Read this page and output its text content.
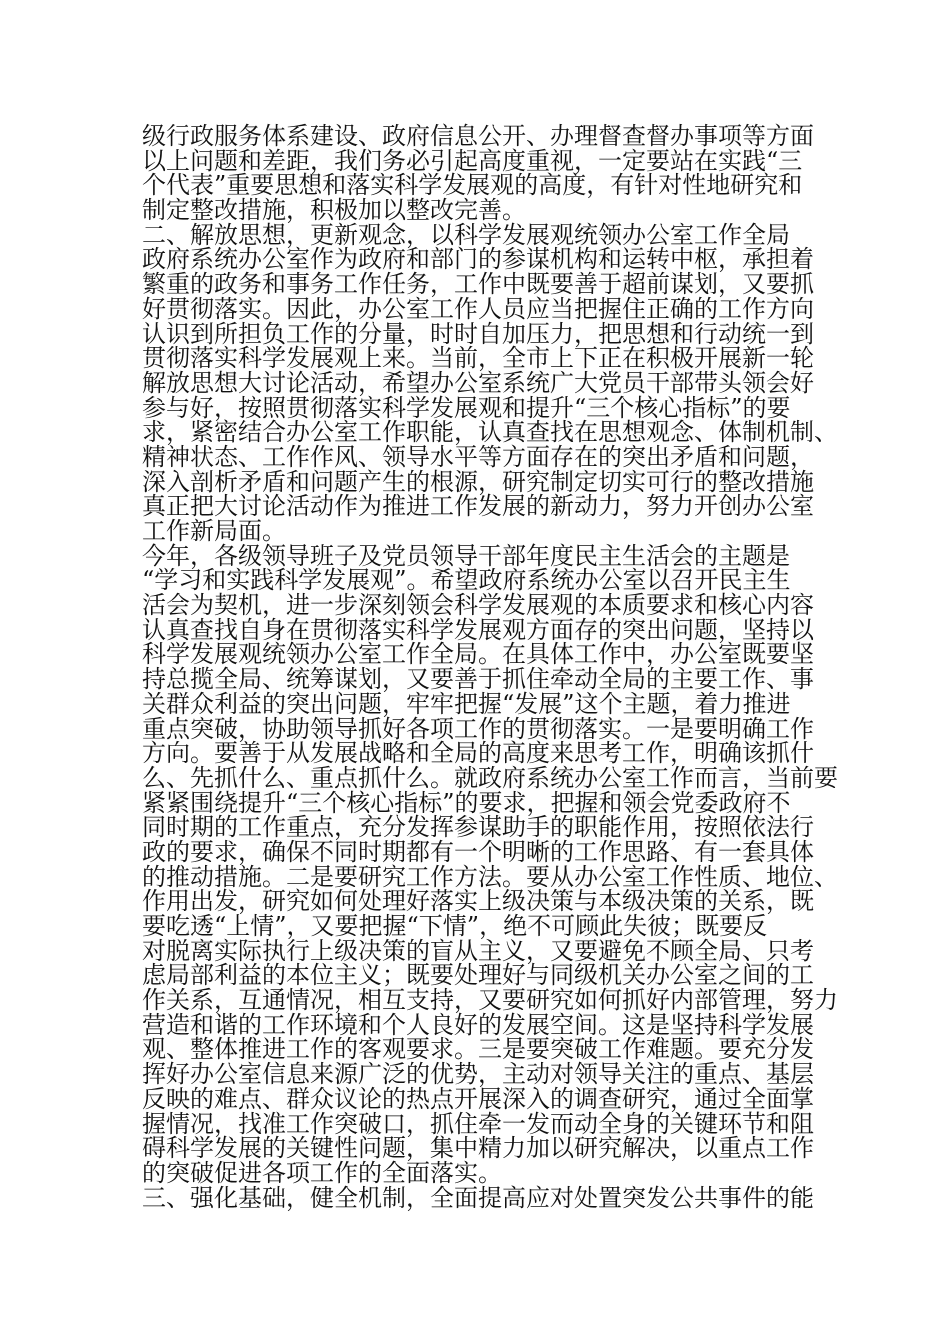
级行政服务体系建设、政府信息公开、办理督查督办事项等方面
以上问题和差距，我们务必引起高度重视，一定要站在实践“三
个代表”重要思想和落实科学发展观的高度，有针对性地研究和
制定整改措施，积极加以整改完善。
二、解放思想，更新观念，以科学发展观统领办公室工作全局
政府系统办公室作为政府和部门的参谋机构和运转中枢，承担着
繁重的政务和事务工作任务，工作中既要善于超前谋划，又要抓
好贯彻落实。因此，办公室工作人员应当把握住正确的工作方向
认识到所担负工作的分量，时时自加压力，把思想和行动统一到
贯彻落实科学发展观上来。当前，全市上下正在积极开展新一轮
解放思想大讨论活动，希望办公室系统广大党员干部带头领会好
参与好，按照贯彻落实科学发展观和提升“三个核心指标”的要
求，紧密结合办公室工作职能，认真查找在思想观念、体制机制、
精神状态、工作作风、领导水平等方面存在的突出矛盾和问题，
深入剖析矛盾和问题产生的根源，研究制定切实可行的整改措施
真正把大讨论活动作为推进工作发展的新动力，努力开创办公室
工作新局面。
今年，各级领导班子及党员领导干部年度民主生活会的主题是
“学习和实践科学发展观”。希望政府系统办公室以召开民主生
活会为契机，进一步深刻领会科学发展观的本质要求和核心内容
认真查找自身在贯彻落实科学发展观方面存的突出问题，坚持以
科学发展观统领办公室工作全局。在具体工作中，办公室既要坚
持总揽全局、统筹谋划，又要善于抓住牵动全局的主要工作、事
关群众利益的突出问题，牢牢把握“发展”这个主题，着力推进
重点突破，协助领导抓好各项工作的贯彻落实。一是要明确工作
方向。要善于从发展战略和全局的高度来思考工作，明确该抓什
么、先抓什么、重点抓什么。就政府系统办公室工作而言，当前要
紧紧围绕提升“三个核心指标”的要求，把握和领会党委政府不
同时期的工作重点，充分发挥参谋助手的职能作用，按照依法行
政的要求，确保不同时期都有一个明晰的工作思路、有一套具体
的推动措施。二是要研究工作方法。要从办公室工作性质、地位、
作用出发，研究如何处理好落实上级决策与本级决策的关系，既
要吃透“上情”，又要把握“下情”，绝不可顾此失彼；既要反
对脱离实际执行上级决策的盲从主义，又要避免不顾全局、只考
虑局部利益的本位主义；既要处理好与同级机关办公室之间的工
作关系，互通情况，相互支持，又要研究如何抓好内部管理，努力
营造和谐的工作环境和个人良好的发展空间。这是坚持科学发展
观、整体推进工作的客观要求。三是要突破工作难题。要充分发
挥好办公室信息来源广泛的优势，主动对领导关注的重点、基层
反映的难点、群众议论的热点开展深入的调查研究，通过全面掌
握情况，找准工作突破口，抓住牵一发而动全身的关键环节和阻
碍科学发展的关键性问题，集中精力加以研究解决，以重点工作
的突破促进各项工作的全面落实。
三、强化基础，健全机制，全面提高应对处置突发公共事件的能
